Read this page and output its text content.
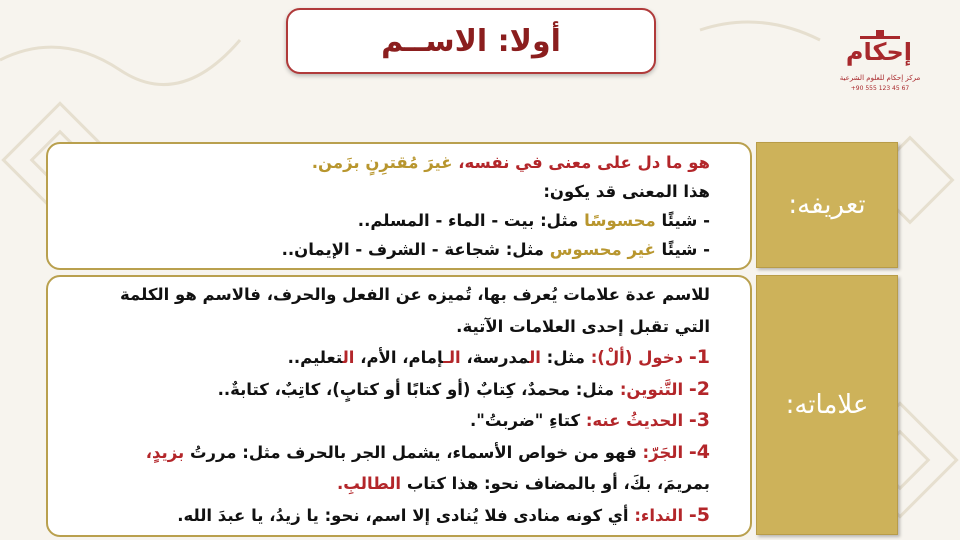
أولا: الاســم	إحكام
مركز إحكام للعلوم الشرعية
+90 555 123 45 67
تعريفه:
علاماته:
هو ما دل على معنى في نفسه، غيرَ مُقترِنٍ بزَمن.
هذا المعنى قد يكون:
- شيئًا محسوسًا مثل: بيت - الماء - المسلم..
- شيئًا غير محسوس مثل: شجاعة - الشرف - الإيمان..
للاسم عدة علامات يُعرف بها، تُميزه عن الفعل والحرف، فالاسم هو الكلمة
التي تقبل إحدى العلامات الآتية.
1- دخول (ألْ): مثل: المدرسة، الـإمام، الأم، التعليم..
2- التَّنوين: مثل: محمدٌ، كِتابٌ (أو كتابًا أو كتابٍ)، كاتِبٌ، كتابةٌ..
3- الحديثُ عنه: كتاءِ "ضربتُ".
4- الجَرّ: فهو من خواص الأسماء، يشمل الجر بالحرف مثل: مررتُ بزيدٍ،
بمريمَ، بكَ، أو بالمضاف نحو: هذا كتاب الطالبِ.
5- النداء: أي كونه منادى فلا يُنادى إلا اسم، نحو: يا زيدُ، يا عبدَ الله.
